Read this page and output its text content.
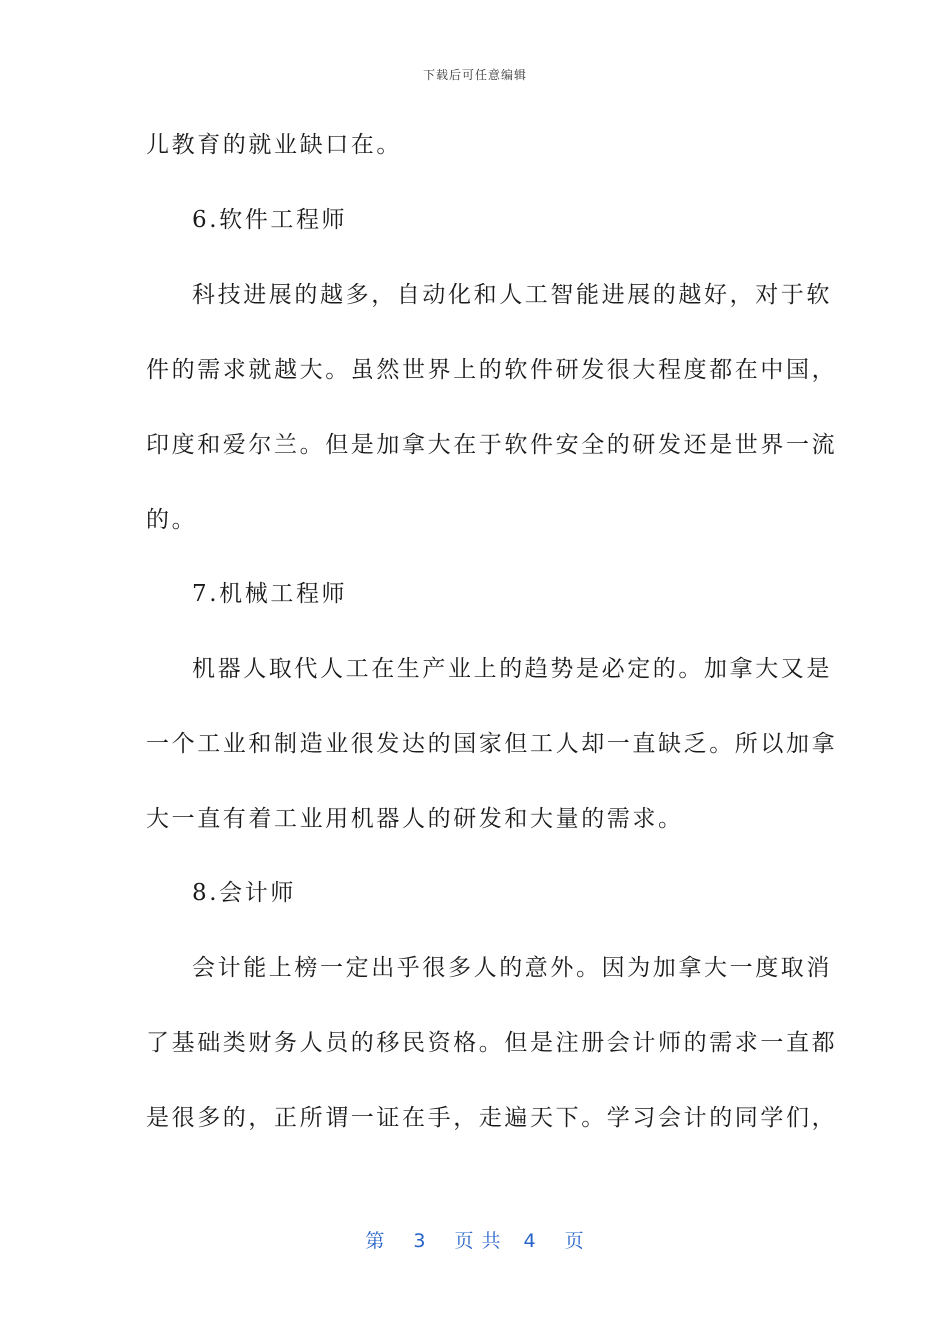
下载后可任意编辑
儿教育的就业缺口在。
6.软件工程师
科技进展的越多，自动化和人工智能进展的越好，对于软
件的需求就越大。虽然世界上的软件研发很大程度都在中国，
印度和爱尔兰。但是加拿大在于软件安全的研发还是世界一流
的。
7.机械工程师
机器人取代人工在生产业上的趋势是必定的。加拿大又是
一个工业和制造业很发达的国家但工人却一直缺乏。所以加拿
大一直有着工业用机器人的研发和大量的需求。
8.会计师
会计能上榜一定出乎很多人的意外。因为加拿大一度取消
了基础类财务人员的移民资格。但是注册会计师的需求一直都
是很多的，正所谓一证在手，走遍天下。学习会计的同学们，
第 3 页 共 4 页
